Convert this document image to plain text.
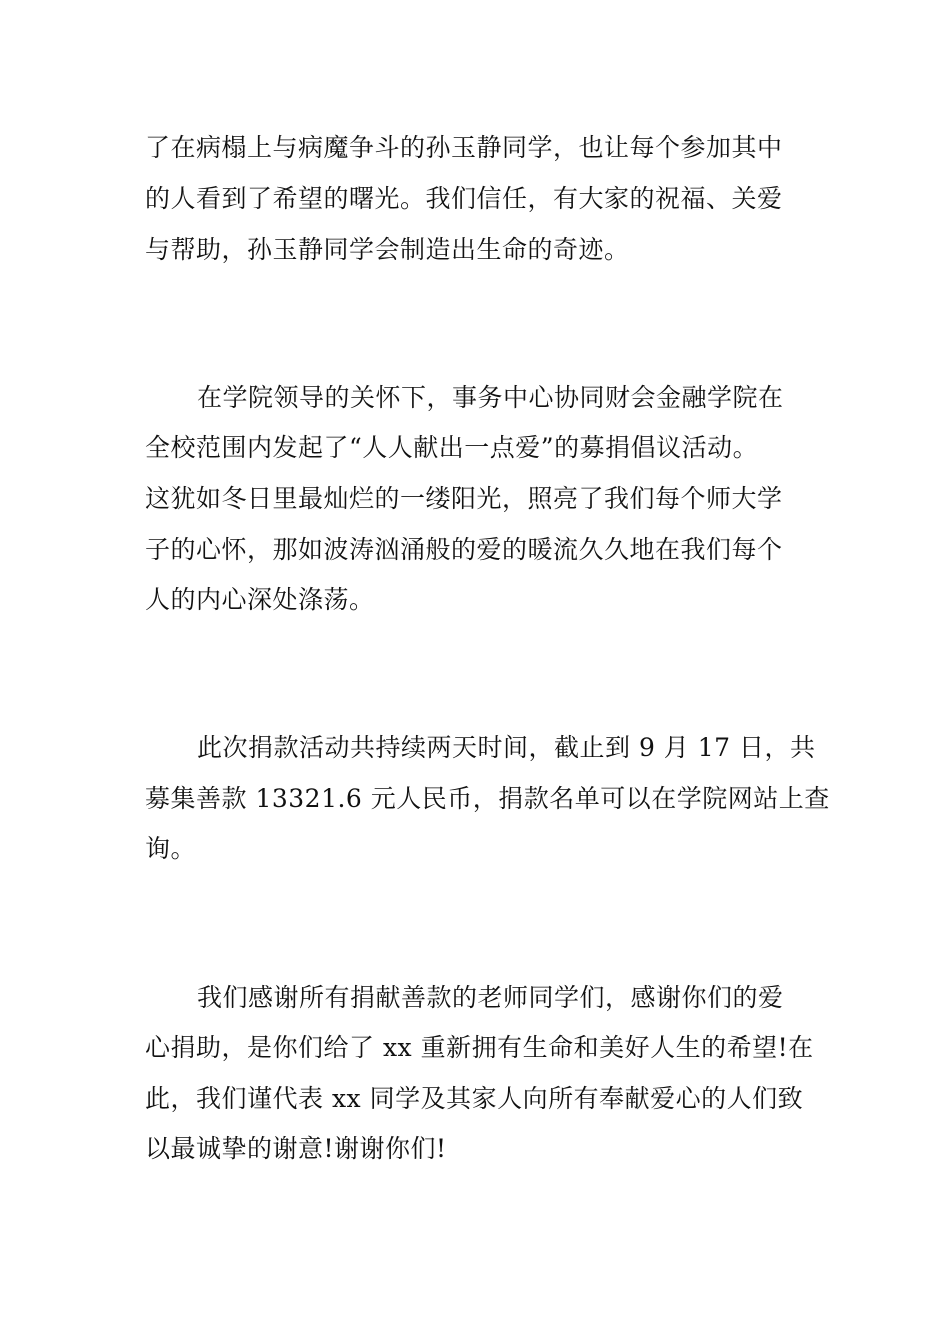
了在病榻上与病魔争斗的孙玉静同学，也让每个参加其中
的人看到了希望的曙光。我们信任，有大家的祝福、关爱
与帮助，孙玉静同学会制造出生命的奇迹。
在学院领导的关怀下，事务中心协同财会金融学院在
全校范围内发起了“人人献出一点爱”的募捐倡议活动。
这犹如冬日里最灿烂的一缕阳光，照亮了我们每个师大学
子的心怀，那如波涛汹涌般的爱的暖流久久地在我们每个
人的内心深处涤荡。
此次捐款活动共持续两天时间，截止到 9 月 17 日，共
募集善款 13321.6 元人民币，捐款名单可以在学院网站上查
询。
我们感谢所有捐献善款的老师同学们，感谢你们的爱
心捐助，是你们给了 xx 重新拥有生命和美好人生的希望!在
此，我们谨代表 xx 同学及其家人向所有奉献爱心的人们致
以最诚挚的谢意!谢谢你们!
